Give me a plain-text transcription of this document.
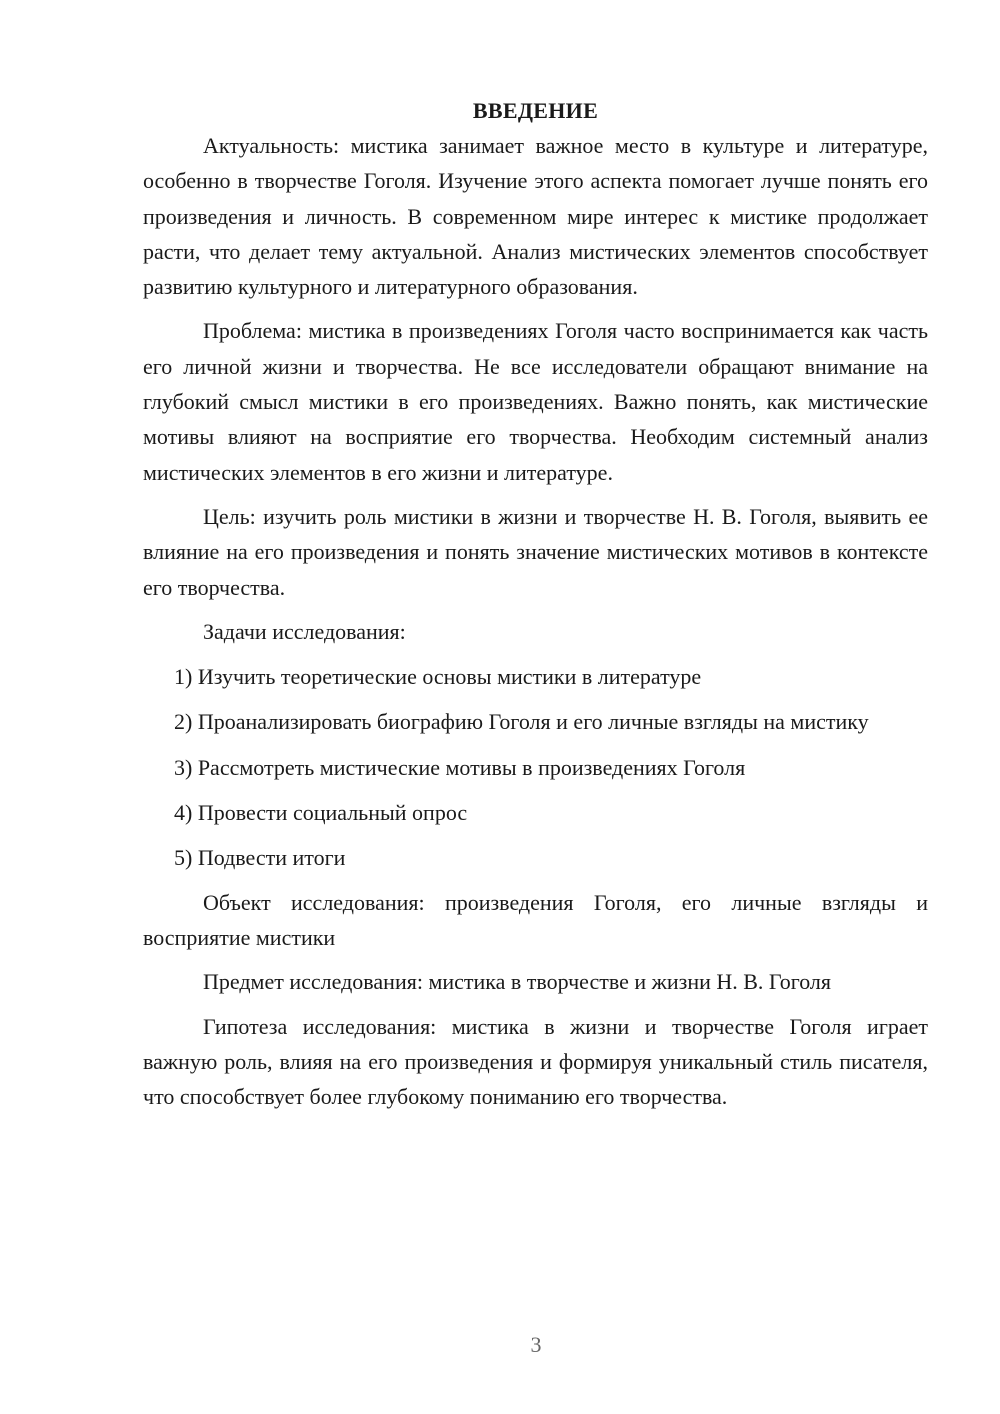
ВВЕДЕНИЕ

Актуальность: мистика занимает важное место в культуре и литературе, особенно в творчестве Гоголя. Изучение этого аспекта помогает лучше понять его произведения и личность. В современном мире интерес к мистике продолжает расти, что делает тему актуальной. Анализ мистических элементов способствует развитию культурного и литературного образования.

Проблема: мистика в произведениях Гоголя часто воспринимается как часть его личной жизни и творчества. Не все исследователи обращают внимание на глубокий смысл мистики в его произведениях. Важно понять, как мистические мотивы влияют на восприятие его творчества. Необходим системный анализ мистических элементов в его жизни и литературе.

Цель: изучить роль мистики в жизни и творчестве Н. В. Гоголя, выявить ее влияние на его произведения и понять значение мистических мотивов в контексте его творчества.

Задачи исследования:

1) Изучить теоретические основы мистики в литературе

2) Проанализировать биографию Гоголя и его личные взгляды на мистику

3) Рассмотреть мистические мотивы в произведениях Гоголя

4) Провести социальный опрос

5) Подвести итоги

Объект исследования: произведения Гоголя, его личные взгляды и восприятие мистики

Предмет исследования: мистика в творчестве и жизни Н. В. Гоголя

Гипотеза исследования: мистика в жизни и творчестве Гоголя играет важную роль, влияя на его произведения и формируя уникальный стиль писателя, что способствует более глубокому пониманию его творчества.

3
